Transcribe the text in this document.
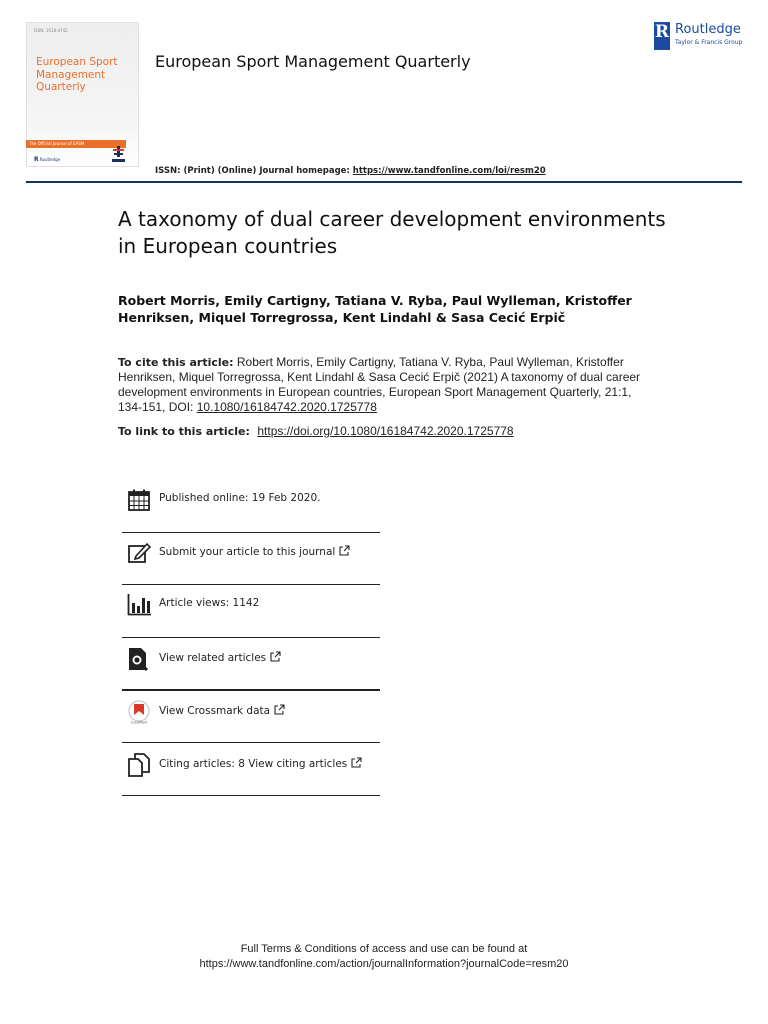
ISSN: 1618-4742
European Sport Management Quarterly
The Official Journal of EASM
R Routledge
European Sport Management Quarterly
R Routledge
Taylor & Francis Group
ISSN: (Print) (Online) Journal homepage: https://www.tandfonline.com/loi/resm20
A taxonomy of dual career development environments in European countries
Robert Morris, Emily Cartigny, Tatiana V. Ryba, Paul Wylleman, Kristoffer Henriksen, Miquel Torregrossa, Kent Lindahl & Sasa Cecić Erpič
To cite this article: Robert Morris, Emily Cartigny, Tatiana V. Ryba, Paul Wylleman, Kristoffer Henriksen, Miquel Torregrossa, Kent Lindahl & Sasa Cecić Erpič (2021) A taxonomy of dual career development environments in European countries, European Sport Management Quarterly, 21:1, 134-151, DOI: 10.1080/16184742.2020.1725778
To link to this article: https://doi.org/10.1080/16184742.2020.1725778
Published online: 19 Feb 2020.
Submit your article to this journal
Article views: 1142
View related articles
CrossMark
View Crossmark data
Citing articles: 8 View citing articles
Full Terms & Conditions of access and use can be found at
https://www.tandfonline.com/action/journalInformation?journalCode=resm20
